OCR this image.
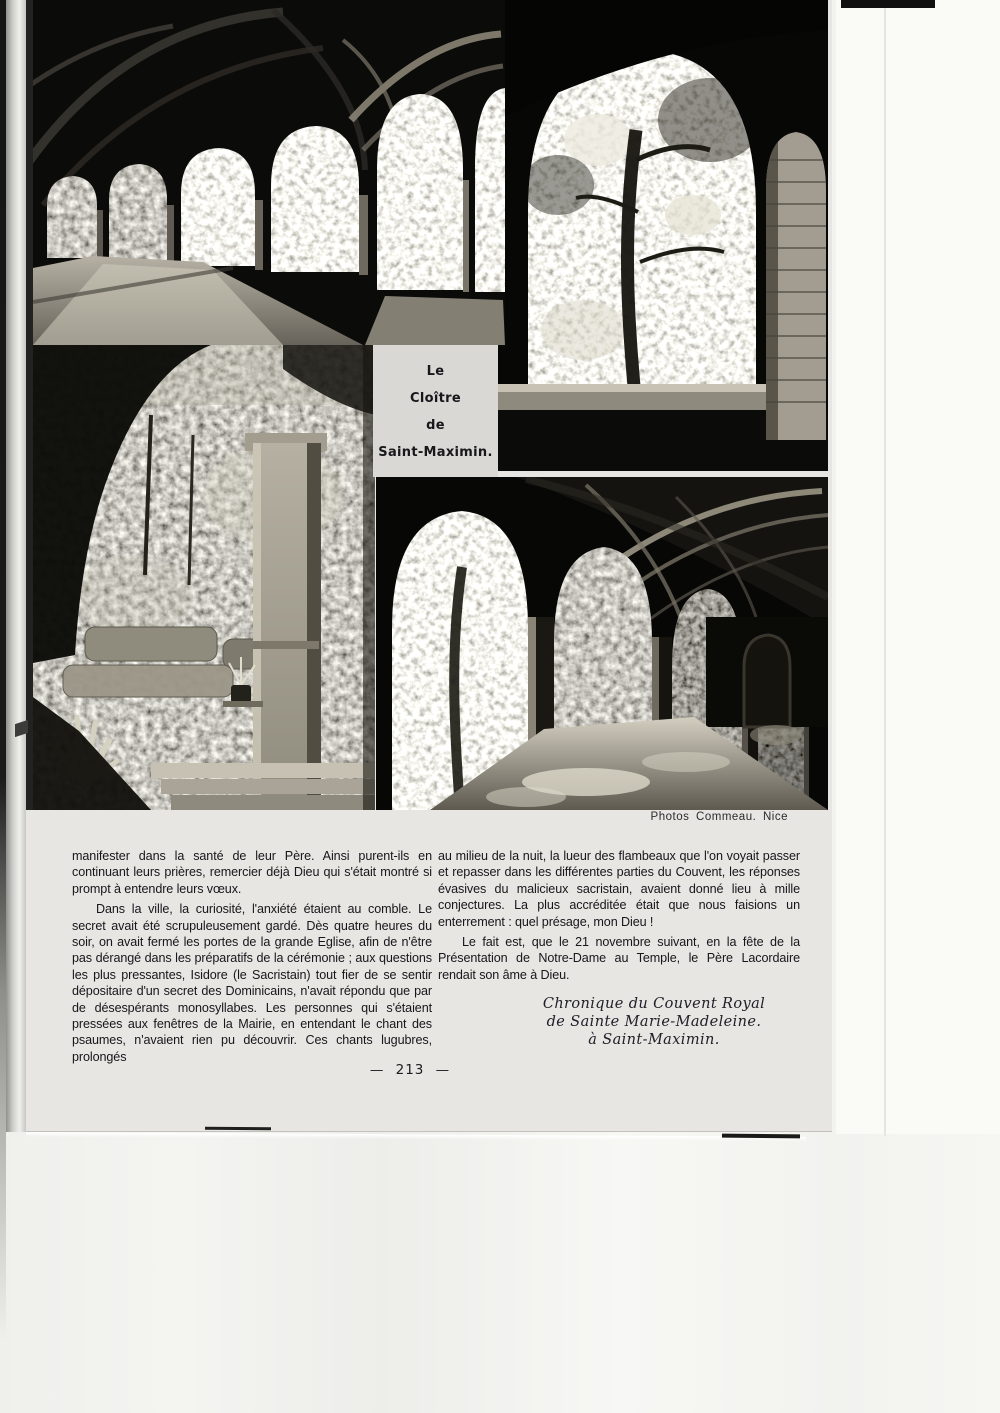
Le
Cloître
de
Saint-Maximin.
Photos Commeau. Nice

manifester dans la santé de leur Père. Ainsi purent-ils en continuant leurs prières, remercier déjà Dieu qui s'était montré si prompt à entendre leurs vœux.

Dans la ville, la curiosité, l'anxiété étaient au comble. Le secret avait été scrupuleusement gardé. Dès quatre heures du soir, on avait fermé les portes de la grande Eglise, afin de n'être pas dérangé dans les préparatifs de la cérémonie ; aux questions les plus pressantes, Isidore (le Sacristain) tout fier de se sentir dépositaire d'un secret des Dominicains, n'avait répondu que par de désespérants monosyllabes. Les personnes qui s'étaient pressées aux fenêtres de la Mairie, en entendant le chant des psaumes, n'avaient rien pu découvrir. Ces chants lugubres, prolongés

au milieu de la nuit, la lueur des flambeaux que l'on voyait passer et repasser dans les différentes parties du Couvent, les réponses évasives du malicieux sacristain, avaient donné lieu à mille conjectures. La plus accréditée était que nous faisions un enterrement : quel présage, mon Dieu !

Le fait est, que le 21 novembre suivant, en la fête de la Présentation de Notre-Dame au Temple, le Père Lacordaire rendait son âme à Dieu.

Chronique du Couvent Royal
de Sainte Marie-Madeleine.
à Saint-Maximin.
— 213 —
